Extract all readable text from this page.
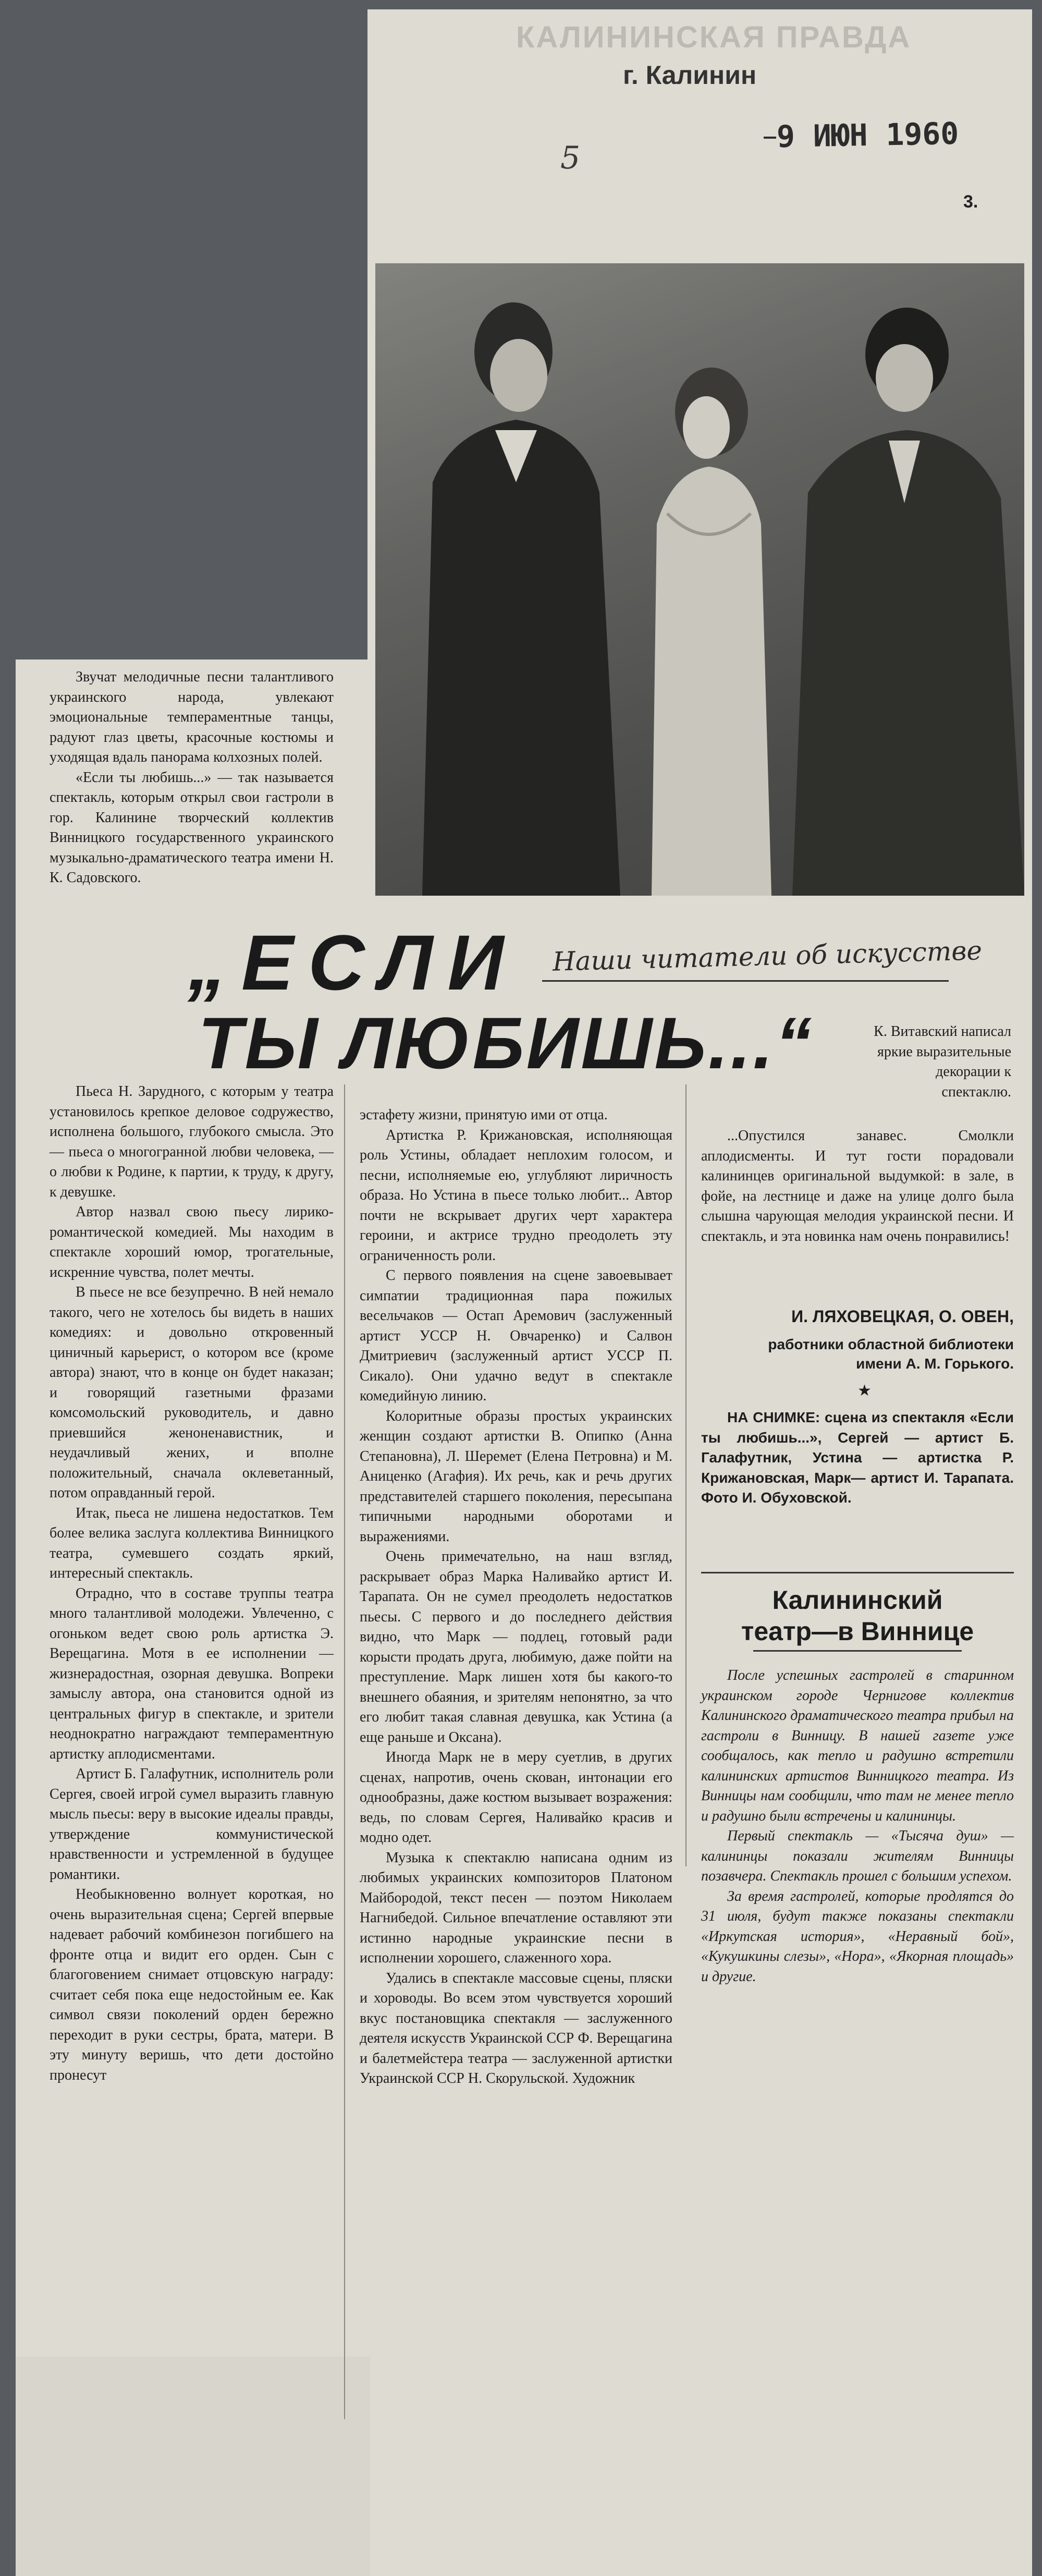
КАЛИНИНСКАЯ ПРАВДА
г. Калинин
9 ИЮН 1960
5
3.
„ЕСЛИ
ТЫ ЛЮБИШЬ...“
Наши читатели об искусстве

Звучат мелодичные песни талантливого украинского народа, увлекают эмоциональные темпераментные танцы, радуют глаз цветы, красочные костюмы и уходящая вдаль панорама колхозных полей.

«Если ты любишь...» — так называется спектакль, которым открыл свои гастроли в гор. Калинине творческий коллектив Винницкого государственного украинского музыкально-драматического театра имени Н. К. Садовского.

Пьеса Н. Зарудного, с которым у театра установилось крепкое деловое содружество, исполнена большого, глубокого смысла. Это — пьеса о многогранной любви человека, — о любви к Родине, к партии, к труду, к другу, к девушке.

Автор назвал свою пьесу лирико-романтической комедией. Мы находим в спектакле хороший юмор, трогательные, искренние чувства, полет мечты.

В пьесе не все безупречно. В ней немало такого, чего не хотелось бы видеть в наших комедиях: и довольно откровенный циничный карьерист, о котором все (кроме автора) знают, что в конце он будет наказан; и говорящий газетными фразами комсомольский руководитель, и давно приевшийся женоненавистник, и неудачливый жених, и вполне положительный, сначала оклеветанный, потом оправданный герой.

Итак, пьеса не лишена недостатков. Тем более велика заслуга коллектива Винницкого театра, сумевшего создать яркий, интересный спектакль.

Отрадно, что в составе труппы театра много талантливой молодежи. Увлеченно, с огоньком ведет свою роль артистка Э. Верещагина. Мотя в ее исполнении — жизнерадостная, озорная девушка. Вопреки замыслу автора, она становится одной из центральных фигур в спектакле, и зрители неоднократно награждают темпераментную артистку аплодисментами.

Артист Б. Галафутник, исполнитель роли Сергея, своей игрой сумел выразить главную мысль пьесы: веру в высокие идеалы правды, утверждение коммунистической нравственности и устремленной в будущее романтики.

Необыкновенно волнует короткая, но очень выразительная сцена; Сергей впервые надевает рабочий комбинезон погибшего на фронте отца и видит его орден. Сын с благоговением снимает отцовскую награду: считает себя пока еще недостойным ее. Как символ связи поколений орден бережно переходит в руки сестры, брата, матери. В эту минуту веришь, что дети достойно пронесут

эстафету жизни, принятую ими от отца.

Артистка Р. Крижановская, исполняющая роль Устины, обладает неплохим голосом, и песни, исполняемые ею, углубляют лиричность образа. Но Устина в пьесе только любит... Автор почти не вскрывает других черт характера героини, и актрисе трудно преодолеть эту ограниченность роли.

С первого появления на сцене завоевывает симпатии традиционная пара пожилых весельчаков — Остап Аремович (заслуженный артист УССР Н. Овчаренко) и Салвон Дмитриевич (заслуженный артист УССР П. Сикало). Они удачно ведут в спектакле комедийную линию.

Колоритные образы простых украинских женщин создают артистки В. Опипко (Анна Степановна), Л. Шеремет (Елена Петровна) и М. Аниценко (Агафия). Их речь, как и речь других представителей старшего поколения, пересыпана типичными народными оборотами и выражениями.

Очень примечательно, на наш взгляд, раскрывает образ Марка Наливайко артист И. Тарапата. Он не сумел преодолеть недостатков пьесы. С первого и до последнего действия видно, что Марк — подлец, готовый ради корысти продать друга, любимую, даже пойти на преступление. Марк лишен хотя бы какого-то внешнего обаяния, и зрителям непонятно, за что его любит такая славная девушка, как Устина (а еще раньше и Оксана).

Иногда Марк не в меру суетлив, в других сценах, напротив, очень скован, интонации его однообразны, даже костюм вызывает возражения: ведь, по словам Сергея, Наливайко красив и модно одет.

Музыка к спектаклю написана одним из любимых украинских композиторов Платоном Майбородой, текст песен — поэтом Николаем Нагнибедой. Сильное впечатление оставляют эти истинно народные украинские песни в исполнении хорошего, слаженного хора.

Удались в спектакле массовые сцены, пляски и хороводы. Во всем этом чувствуется хороший вкус постановщика спектакля — заслуженного деятеля искусств Украинской ССР Ф. Верещагина и балетмейстера театра — заслуженной артистки Украинской ССР Н. Скорульской. Художник

К. Витавский написал яркие выразительные декорации к спектаклю.

...Опустился занавес. Смолкли аплодисменты. И тут гости порадовали калининцев оригинальной выдумкой: в зале, в фойе, на лестнице и даже на улице долго была слышна чарующая мелодия украинской песни. И спектакль, и эта новинка нам очень понравились!

И. ЛЯХОВЕЦКАЯ, О. ОВЕН,
работники областной библиотеки имени А. М. Горького.
★

НА СНИМКЕ: сцена из спектакля «Если ты любишь...», Сергей — артист Б. Галафутник, Устина — артистка Р. Крижановская, Марк— артист И. Тарапата. Фото И. Обуховской.

Калининский
театр—в Виннице

После успешных гастролей в старинном украинском городе Чернигове коллектив Калининского драматического театра прибыл на гастроли в Винницу. В нашей газете уже сообщалось, как тепло и радушно встретили калининских артистов Винницкого театра. Из Винницы нам сообщили, что там не менее тепло и радушно были встречены и калининцы.

Первый спектакль — «Тысяча душ» — калининцы показали жителям Винницы позавчера. Спектакль прошел с большим успехом.

За время гастролей, которые продлятся до 31 июля, будут также показаны спектакли «Иркутская история», «Неравный бой», «Кукушкины слезы», «Нора», «Якорная площадь» и другие.
